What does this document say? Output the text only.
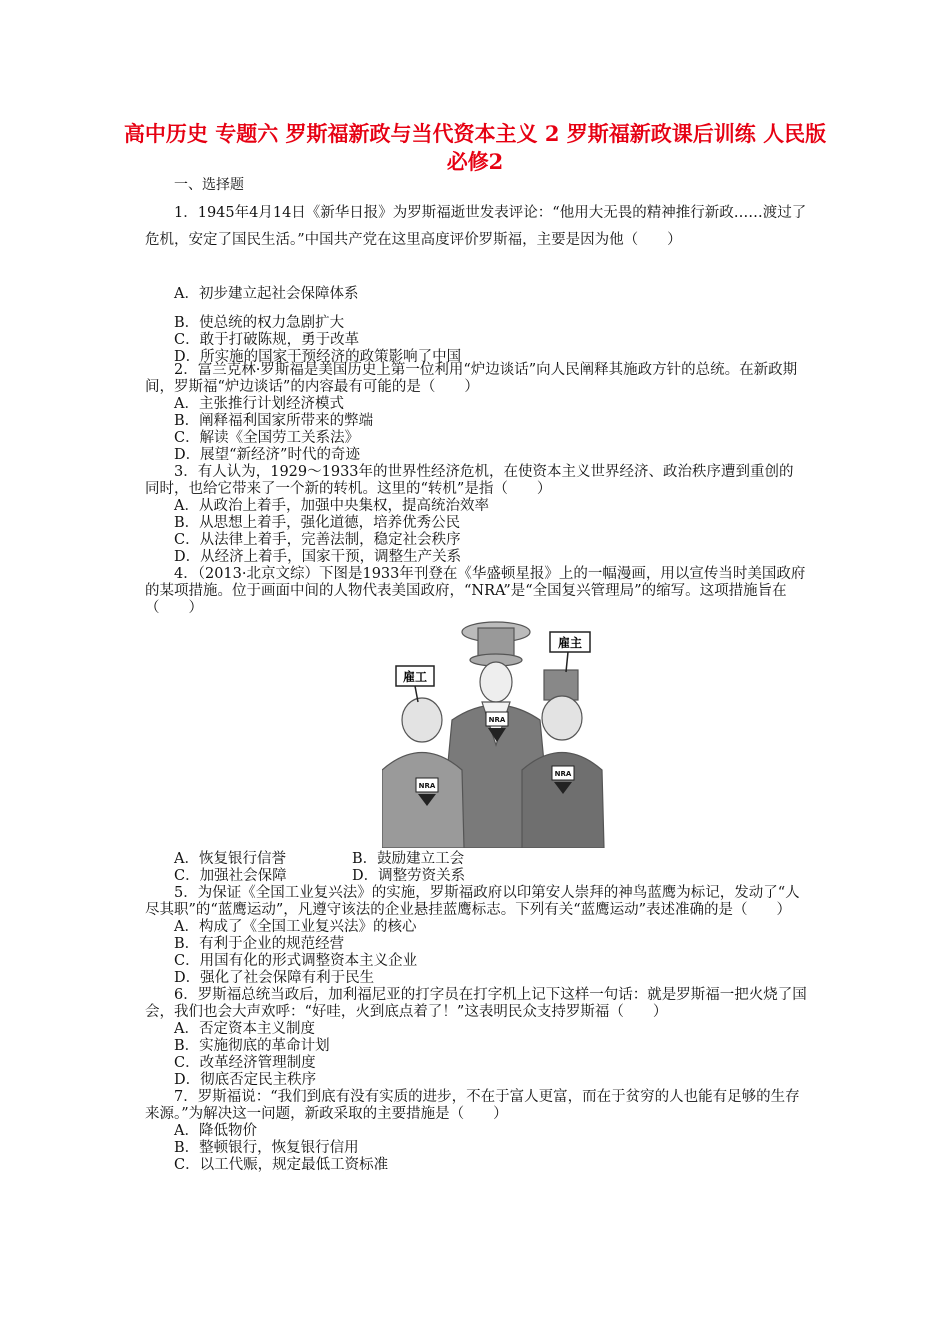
高中历史 专题六 罗斯福新政与当代资本主义 2 罗斯福新政课后训练 人民版必修2
一、选择题

1．1945年4月14日《新华日报》为罗斯福逝世发表评论：“他用大无畏的精神推行新政……渡过了危机，安定了国民生活。”中国共产党在这里高度评价罗斯福，主要是因为他（　　）

A．初步建立起社会保障体系

B．使总统的权力急剧扩大

C．敢于打破陈规，勇于改革

D．所实施的国家干预经济的政策影响了中国

2．富兰克林·罗斯福是美国历史上第一位利用“炉边谈话”向人民阐释其施政方针的总统。在新政期间，罗斯福“炉边谈话”的内容最有可能的是（　　）

A．主张推行计划经济模式

B．阐释福利国家所带来的弊端

C．解读《全国劳工关系法》

D．展望“新经济”时代的奇迹

3．有人认为，1929～1933年的世界性经济危机，在使资本主义世界经济、政治秩序遭到重创的同时，也给它带来了一个新的转机。这里的“转机”是指（　　）

A．从政治上着手，加强中央集权，提高统治效率

B．从思想上着手，强化道德，培养优秀公民

C．从法律上着手，完善法制，稳定社会秩序

D．从经济上着手，国家干预，调整生产关系

4．（2013·北京文综）下图是1933年刊登在《华盛顿星报》上的一幅漫画，用以宣传当时美国政府的某项措施。位于画面中间的人物代表美国政府，“NRA”是“全国复兴管理局”的缩写。这项措施旨在（　　）

雇工
雇主
NRA
NRA
NRA

A．恢复银行信誉	B．鼓励建立工会

C．加强社会保障	D．调整劳资关系

5．为保证《全国工业复兴法》的实施，罗斯福政府以印第安人崇拜的神鸟蓝鹰为标记，发动了“人尽其职”的“蓝鹰运动”，凡遵守该法的企业悬挂蓝鹰标志。下列有关“蓝鹰运动”表述准确的是（　　）

A．构成了《全国工业复兴法》的核心

B．有利于企业的规范经营

C．用国有化的形式调整资本主义企业

D．强化了社会保障有利于民生

6．罗斯福总统当政后，加利福尼亚的打字员在打字机上记下这样一句话：就是罗斯福一把火烧了国会，我们也会大声欢呼：“好哇，火到底点着了！”这表明民众支持罗斯福（　　）

A．否定资本主义制度

B．实施彻底的革命计划

C．改革经济管理制度

D．彻底否定民主秩序

7．罗斯福说：“我们到底有没有实质的进步，不在于富人更富，而在于贫穷的人也能有足够的生存来源。”为解决这一问题，新政采取的主要措施是（　　）

A．降低物价

B．整顿银行，恢复银行信用

C．以工代赈，规定最低工资标准
